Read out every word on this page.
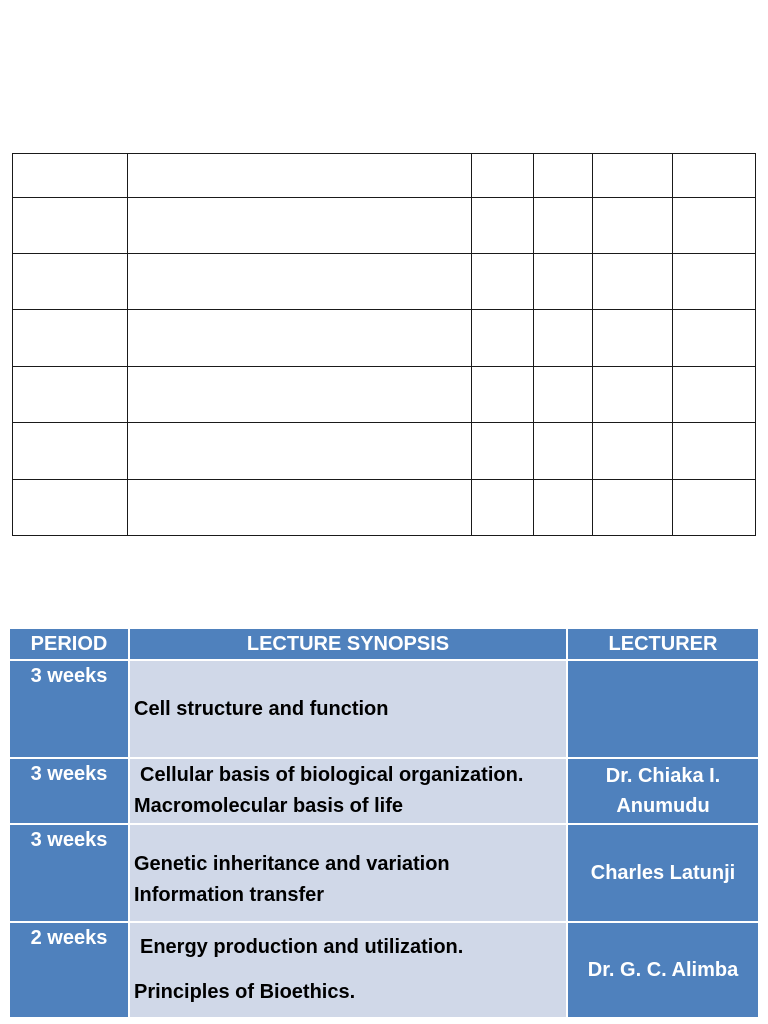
PERIOD	LECTURE SYNOPSIS	LECTURER
3 weeks	Cell structure and function	

3 weeks	Cellular basis of biological organization.
Macromolecular basis of life	Dr. Chiaka I. Anumudu
3 weeks	Genetic inheritance and variation
Information transfer	Charles Latunji
2 weeks	Energy production and utilization.
Principles of Bioethics.	Dr. G. C. Alimba
